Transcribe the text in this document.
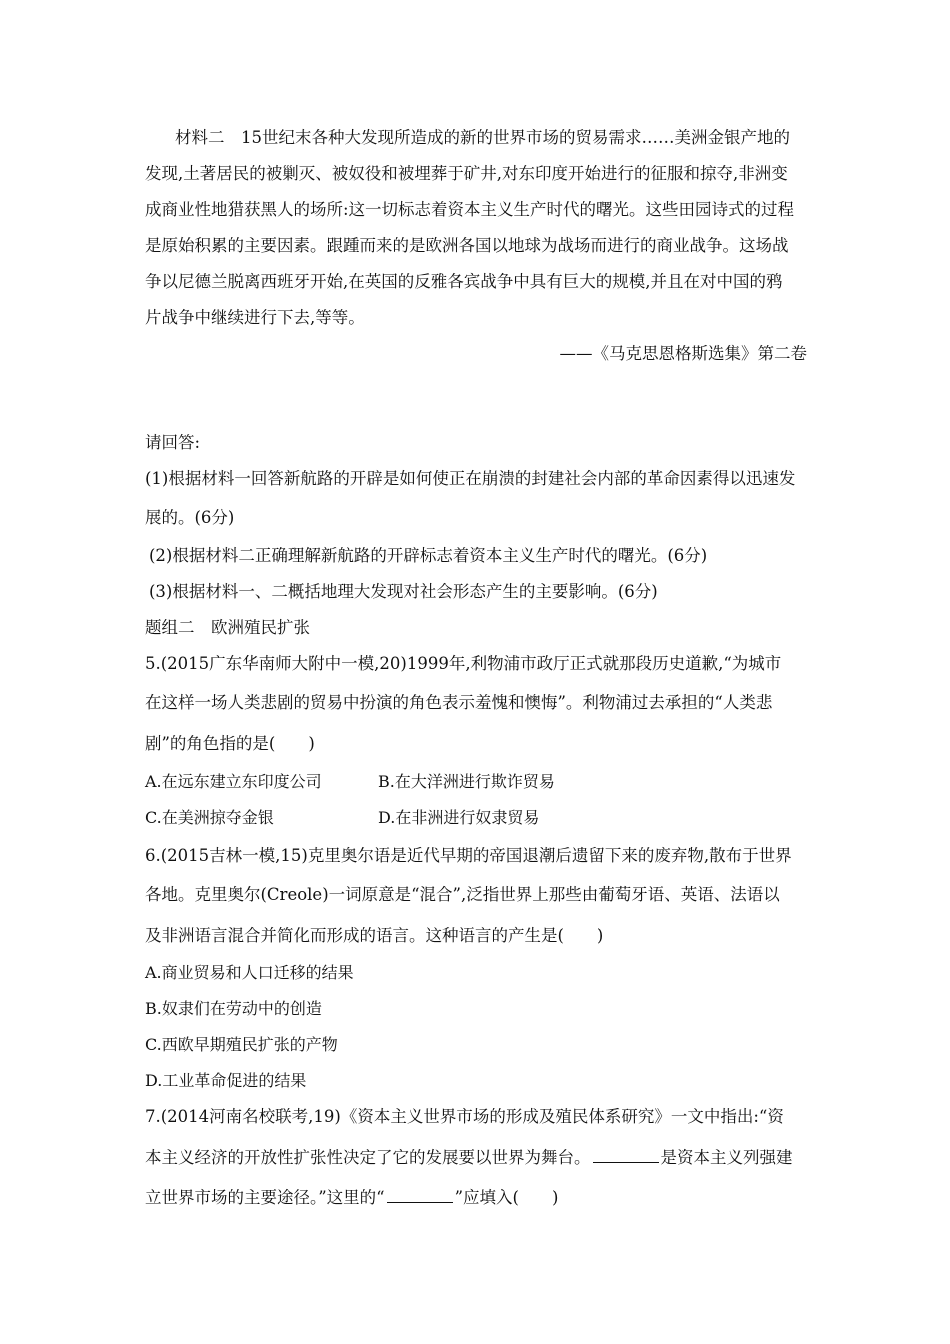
材料二　15世纪末各种大发现所造成的新的世界市场的贸易需求……美洲金银产地的
发现,土著居民的被剿灭、被奴役和被埋葬于矿井,对东印度开始进行的征服和掠夺,非洲变
成商业性地猎获黑人的场所:这一切标志着资本主义生产时代的曙光。这些田园诗式的过程
是原始积累的主要因素。跟踵而来的是欧洲各国以地球为战场而进行的商业战争。这场战
争以尼德兰脱离西班牙开始,在英国的反雅各宾战争中具有巨大的规模,并且在对中国的鸦
片战争中继续进行下去,等等。
——《马克思恩格斯选集》第二卷
请回答:
(1)根据材料一回答新航路的开辟是如何使正在崩溃的封建社会内部的革命因素得以迅速发
展的。(6分)
(2)根据材料二正确理解新航路的开辟标志着资本主义生产时代的曙光。(6分)
(3)根据材料一、二概括地理大发现对社会形态产生的主要影响。(6分)
题组二　欧洲殖民扩张
5.(2015广东华南师大附中一模,20)1999年,利物浦市政厅正式就那段历史道歉,“为城市
在这样一场人类悲剧的贸易中扮演的角色表示羞愧和懊悔”。利物浦过去承担的“人类悲
剧”的角色指的是(　　)
A.在远东建立东印度公司	B.在大洋洲进行欺诈贸易
C.在美洲掠夺金银	D.在非洲进行奴隶贸易
6.(2015吉林一模,15)克里奥尔语是近代早期的帝国退潮后遗留下来的废弃物,散布于世界
各地。克里奥尔(Creole)一词原意是“混合”,泛指世界上那些由葡萄牙语、英语、法语以
及非洲语言混合并简化而形成的语言。这种语言的产生是(　　)
A.商业贸易和人口迁移的结果
B.奴隶们在劳动中的创造
C.西欧早期殖民扩张的产物
D.工业革命促进的结果
7.(2014河南名校联考,19)《资本主义世界市场的形成及殖民体系研究》一文中指出:“资
本主义经济的开放性扩张性决定了它的发展要以世界为舞台。	是资本主义列强建
立世界市场的主要途径。”这里的“	”应填入(　　)
